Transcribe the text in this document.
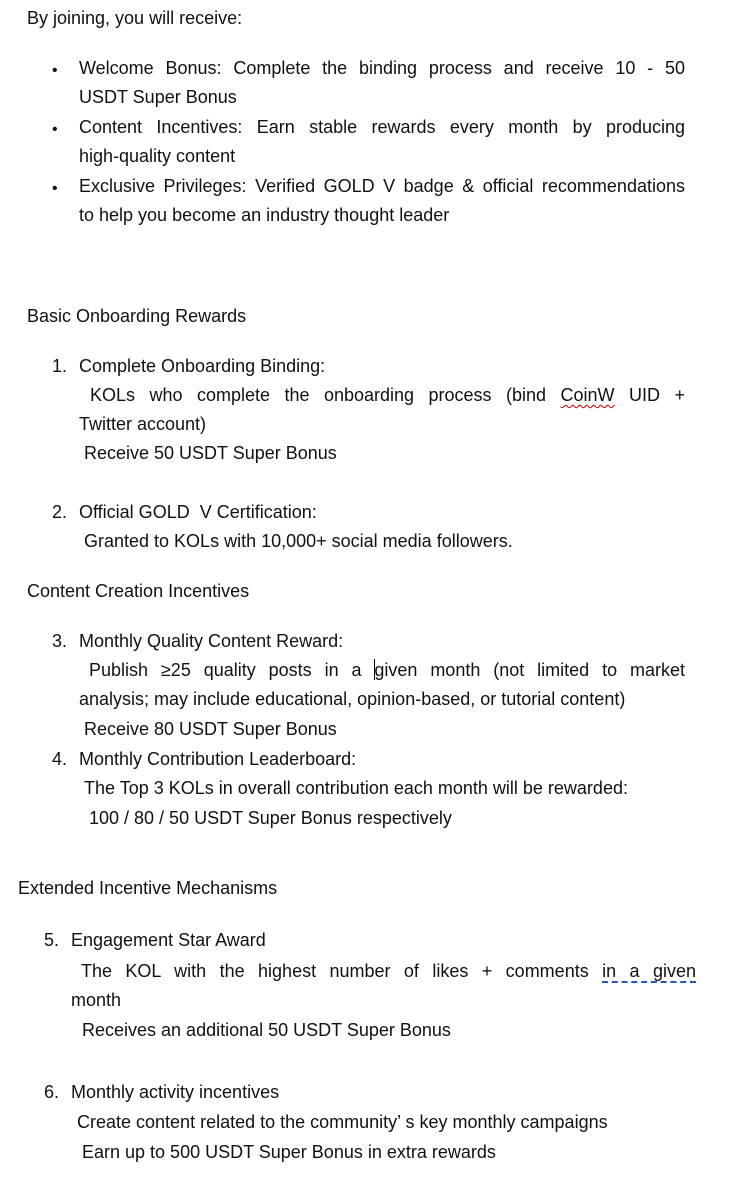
By joining, you will receive:
• Welcome Bonus: Complete the binding process and receive 10 - 50
USDT Super Bonus
• Content Incentives: Earn stable rewards every month by producing
high-quality content
• Exclusive Privileges: Verified GOLD V badge & official recommendations
to help you become an industry thought leader
Basic Onboarding Rewards
1. Complete Onboarding Binding:
KOLs who complete the onboarding process (bind CoinW UID +
Twitter account)
Receive 50 USDT Super Bonus
2. Official GOLD  V Certification:
Granted to KOLs with 10,000+ social media followers.
Content Creation Incentives
3. Monthly Quality Content Reward:
Publish ≥25 quality posts in a given month (not limited to market
analysis; may include educational, opinion-based, or tutorial content)
Receive 80 USDT Super Bonus
4. Monthly Contribution Leaderboard:
The Top 3 KOLs in overall contribution each month will be rewarded:
100 / 80 / 50 USDT Super Bonus respectively
Extended Incentive Mechanisms
5. Engagement Star Award
The KOL with the highest number of likes + comments in a given
month
Receives an additional 50 USDT Super Bonus
6. Monthly activity incentives
Create content related to the community’ s key monthly campaigns
Earn up to 500 USDT Super Bonus in extra rewards
